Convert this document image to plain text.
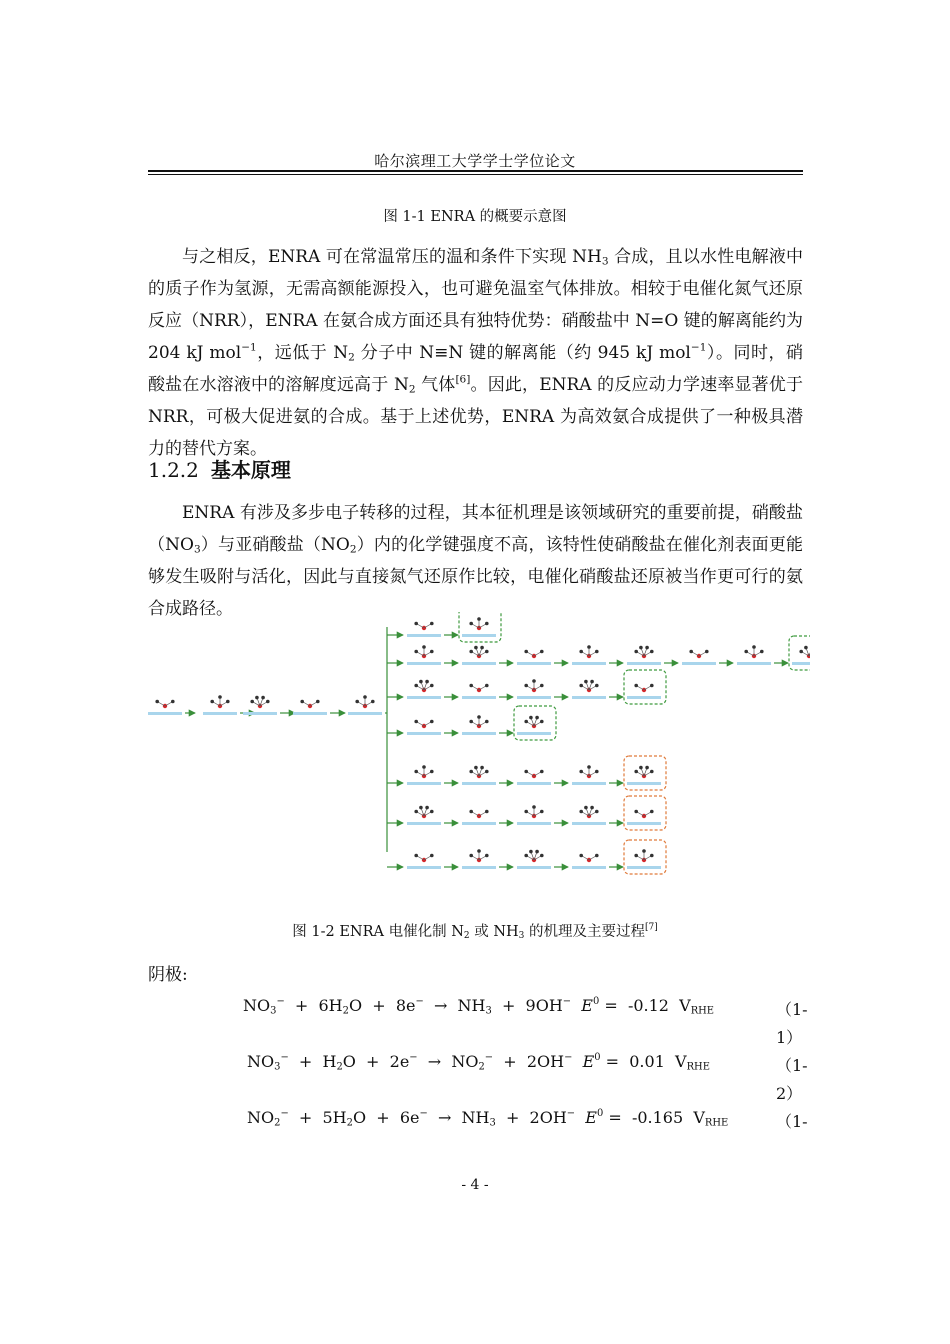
哈尔滨理工大学学士学位论文
图 1-1 ENRA 的概要示意图

与之相反，ENRA 可在常温常压的温和条件下实现 $NH_3$ 合成，且以水性电解液中的质子作为氢源，无需高额能源投入，也可避免温室气体排放。相较于电催化氮气还原反应（NRR），ENRA 在氨合成方面还具有独特优势：硝酸盐中 N=O 键的解离能约为 204 kJ mol$^{-1}$，远低于 $N_2$ 分子中 N≡N 键的解离能（约 945 kJ mol$^{-1}$）。同时，硝酸盐在水溶液中的溶解度远高于 $N_2$ 气体[6]。因此，ENRA 的反应动力学速率显著优于 NRR，可极大促进氨的合成。基于上述优势，ENRA 为高效氨合成提供了一种极具潜力的替代方案。

1.2.2 基本原理

ENRA 有涉及多步电子转移的过程，其本征机理是该领域研究的重要前提，硝酸盐$(NO_3)$与亚硝酸盐$(NO_2)$内的化学键强度不高，该特性使硝酸盐在催化剂表面更能够发生吸附与活化，因此与直接氮气还原作比较，电催化硝酸盐还原被当作更可行的氨合成路径。

图 1-2 ENRA 电催化制 $N_2$ 或 $NH_3$ 的机理及主要过程[7]
阴极:
$NO_3^- + 6H_2O + 8e^- \to NH_3 + 9OH^-$ $E^0 = -0.12$  $V_{RHE}$	（1-1）
$NO_3^- + H_2O + 2e^- \to NO_2^- + 2OH^-$ $E^0 = 0.01$  $V_{RHE}$	（1-2）
$NO_2^- + 5H_2O + 6e^- \to NH_3 + 2OH^-$ $E^0 = -0.165$  $V_{RHE}$	（1-
- 4 -
